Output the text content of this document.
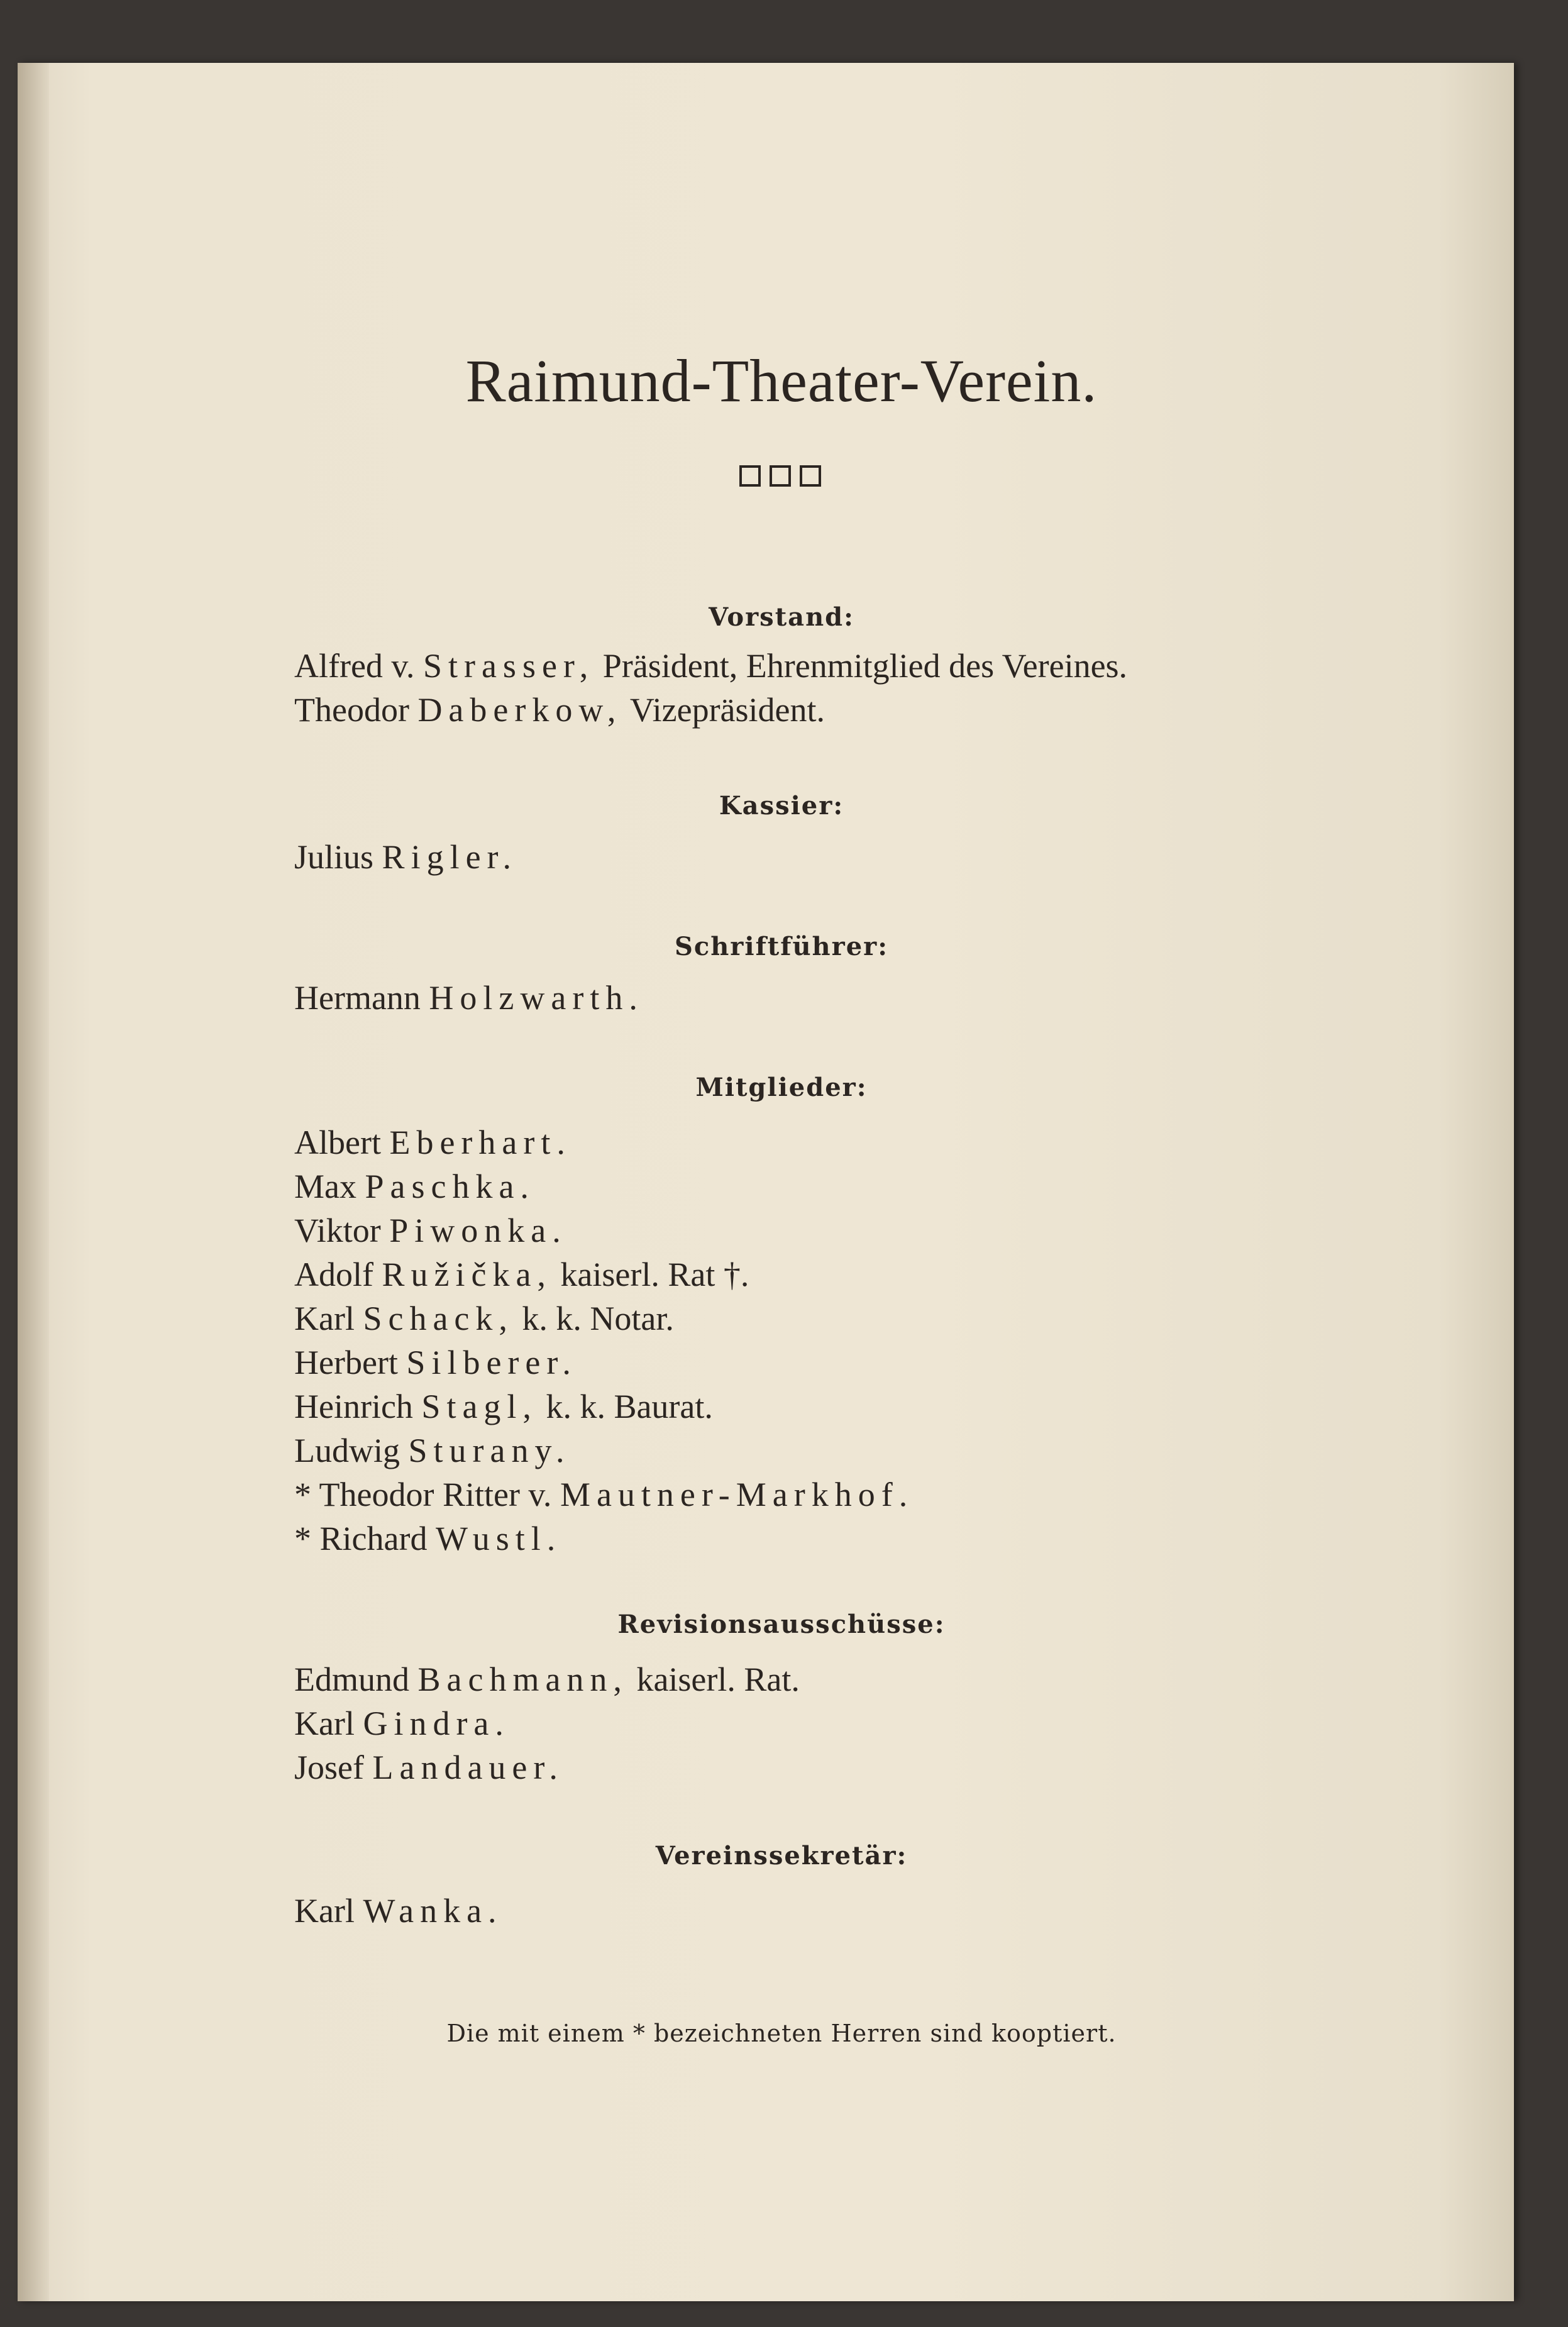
Raimund-Theater-Verein.
Vorstand:
Alfred v. Strasser, Präsident, Ehrenmitglied des Vereines.
Theodor Daberkow, Vizepräsident.
Kassier:
Julius Rigler.
Schriftführer:
Hermann Holzwarth.
Mitglieder:
Albert Eberhart.
Max Paschka.
Viktor Piwonka.
Adolf Ružička, kaiserl. Rat †.
Karl Schack, k. k. Notar.
Herbert Silberer.
Heinrich Stagl, k. k. Baurat.
Ludwig Sturany.
* Theodor Ritter v. Mautner-Markhof.
* Richard Wustl.
Revisionsausschüsse:
Edmund Bachmann, kaiserl. Rat.
Karl Gindra.
Josef Landauer.
Vereinssekretär:
Karl Wanka.
Die mit einem * bezeichneten Herren sind kooptiert.
